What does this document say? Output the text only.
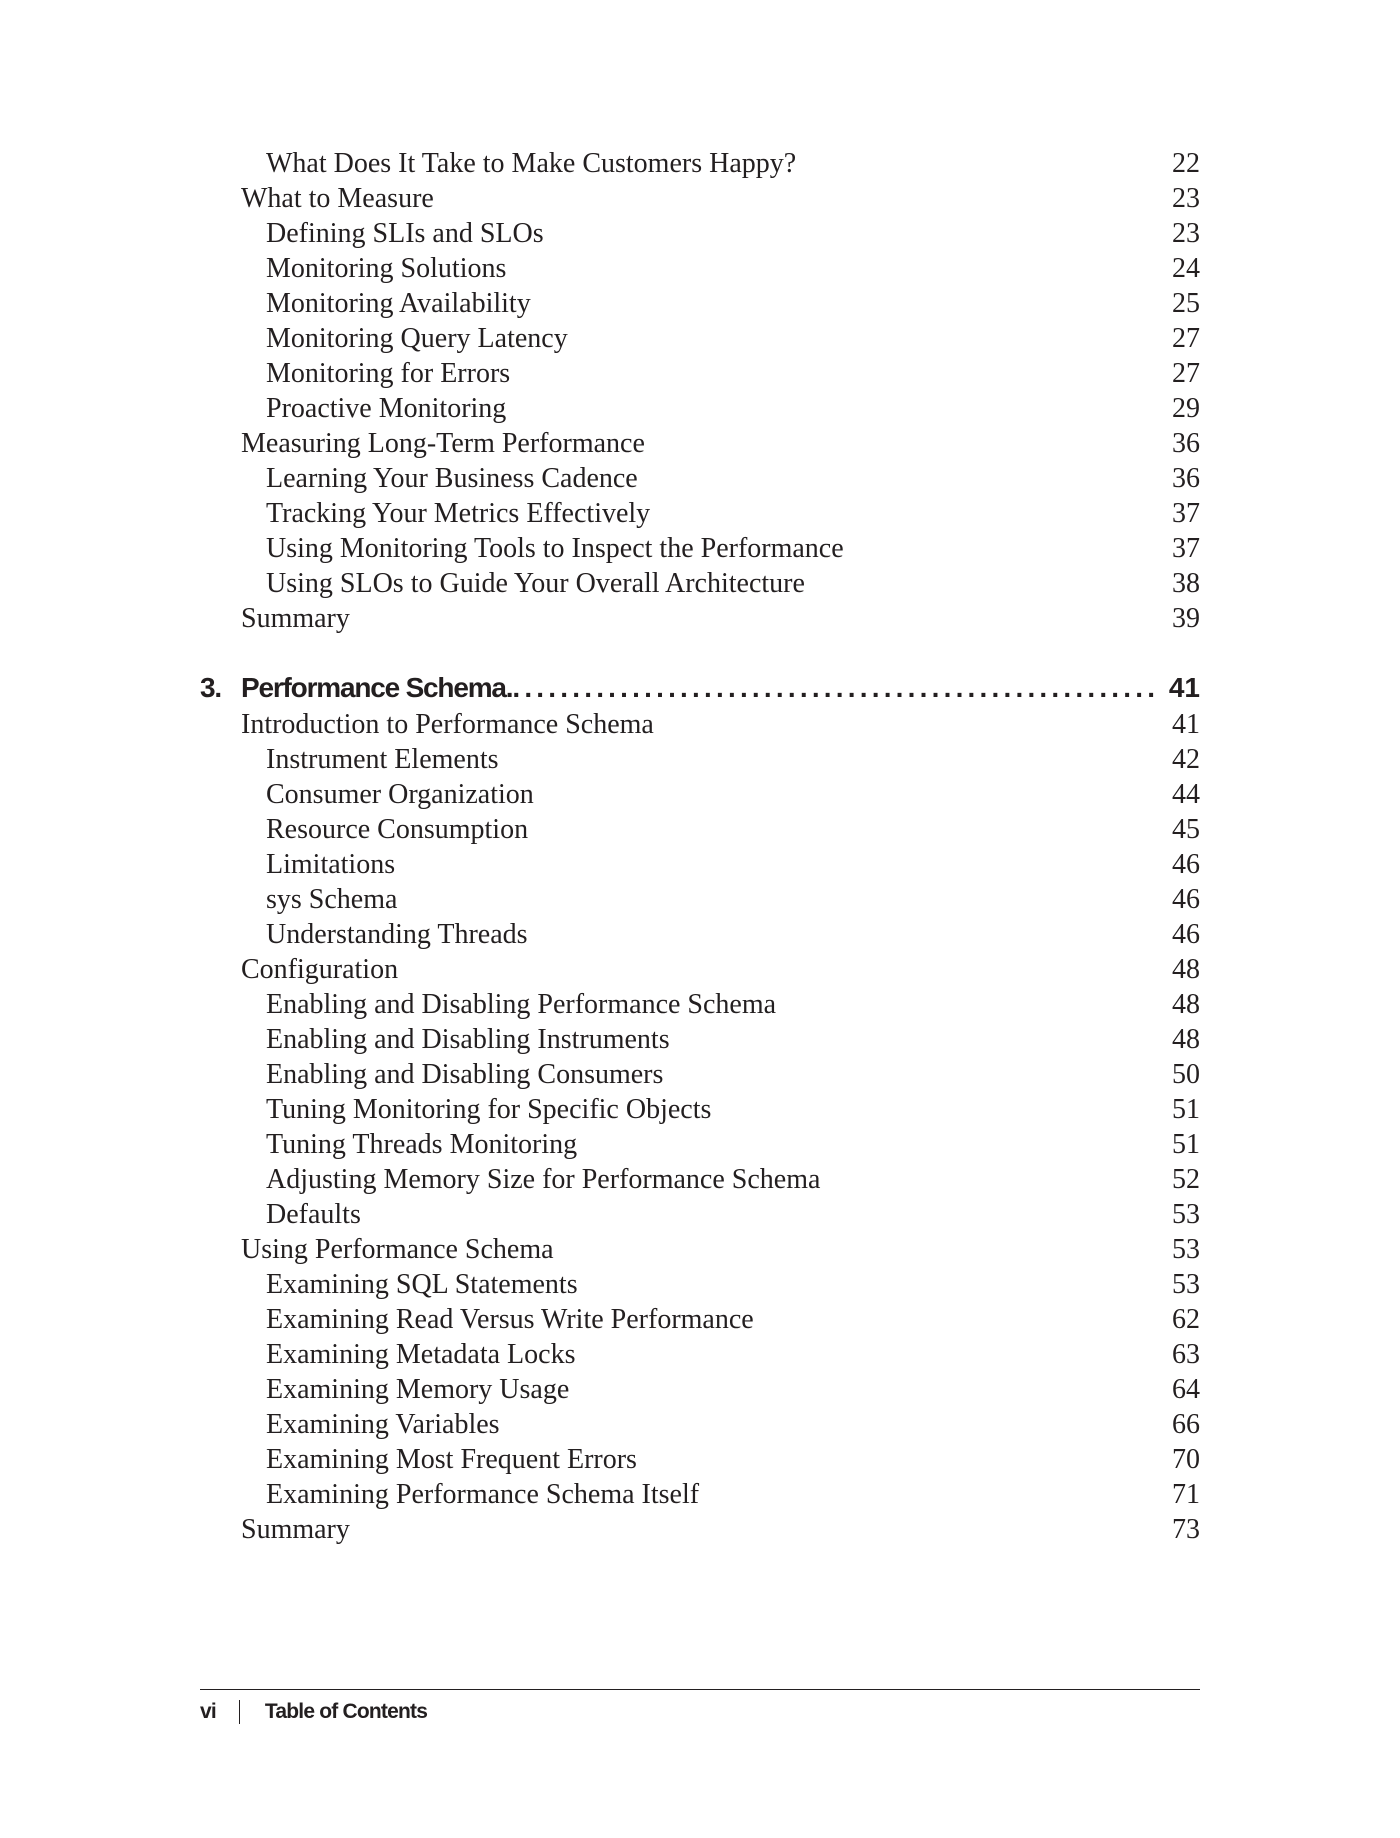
What Does It Take to Make Customers Happy?	22
What to Measure	23
Defining SLIs and SLOs	23
Monitoring Solutions	24
Monitoring Availability	25
Monitoring Query Latency	27
Monitoring for Errors	27
Proactive Monitoring	29
Measuring Long-Term Performance	36
Learning Your Business Cadence	36
Tracking Your Metrics Effectively	37
Using Monitoring Tools to Inspect the Performance	37
Using SLOs to Guide Your Overall Architecture	38
Summary	39
3. Performance Schema. .....	41
Introduction to Performance Schema	41
Instrument Elements	42
Consumer Organization	44
Resource Consumption	45
Limitations	46
sys Schema	46
Understanding Threads	46
Configuration	48
Enabling and Disabling Performance Schema	48
Enabling and Disabling Instruments	48
Enabling and Disabling Consumers	50
Tuning Monitoring for Specific Objects	51
Tuning Threads Monitoring	51
Adjusting Memory Size for Performance Schema	52
Defaults	53
Using Performance Schema	53
Examining SQL Statements	53
Examining Read Versus Write Performance	62
Examining Metadata Locks	63
Examining Memory Usage	64
Examining Variables	66
Examining Most Frequent Errors	70
Examining Performance Schema Itself	71
Summary	73
vi Table of Contents
